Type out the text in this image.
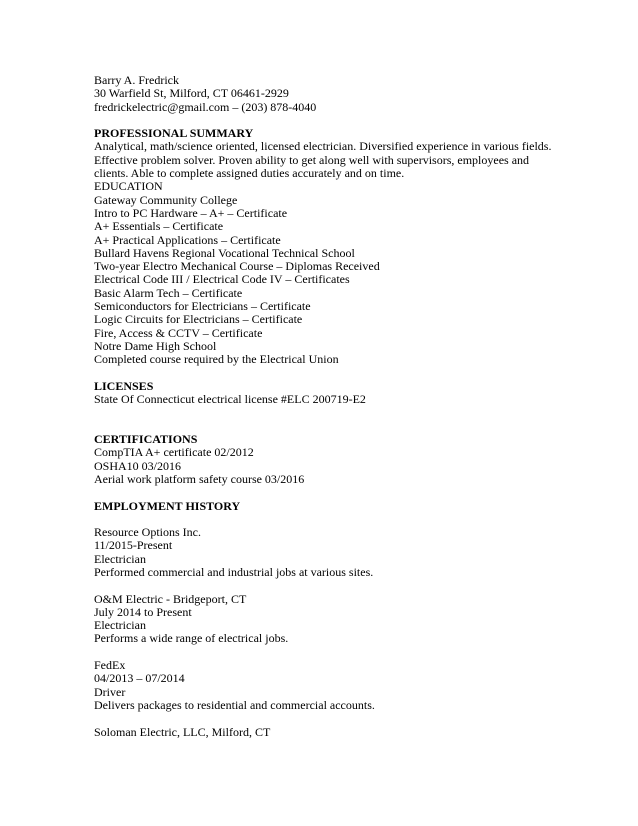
Barry A. Fredrick
30 Warfield St, Milford, CT 06461-2929
fredrickelectric@gmail.com – (203) 878-4040
PROFESSIONAL SUMMARY
Analytical, math/science oriented, licensed electrician. Diversified experience in various fields.
Effective problem solver. Proven ability to get along well with supervisors, employees and
clients. Able to complete assigned duties accurately and on time.
EDUCATION
Gateway Community College
Intro to PC Hardware – A+ – Certificate
A+ Essentials – Certificate
A+ Practical Applications – Certificate
Bullard Havens Regional Vocational Technical School
Two-year Electro Mechanical Course – Diplomas Received
Electrical Code III / Electrical Code IV – Certificates
Basic Alarm Tech – Certificate
Semiconductors for Electricians – Certificate
Logic Circuits for Electricians – Certificate
Fire, Access & CCTV – Certificate
Notre Dame High School
Completed course required by the Electrical Union
LICENSES
State Of Connecticut electrical license #ELC 200719-E2
CERTIFICATIONS
CompTIA A+ certificate 02/2012
OSHA10 03/2016
Aerial work platform safety course 03/2016
EMPLOYMENT HISTORY
Resource Options Inc.
11/2015-Present
Electrician
Performed commercial and industrial jobs at various sites.
O&M Electric - Bridgeport, CT
July 2014 to Present
Electrician
Performs a wide range of electrical jobs.
FedEx
04/2013 – 07/2014
Driver
Delivers packages to residential and commercial accounts.
Soloman Electric, LLC, Milford, CT
